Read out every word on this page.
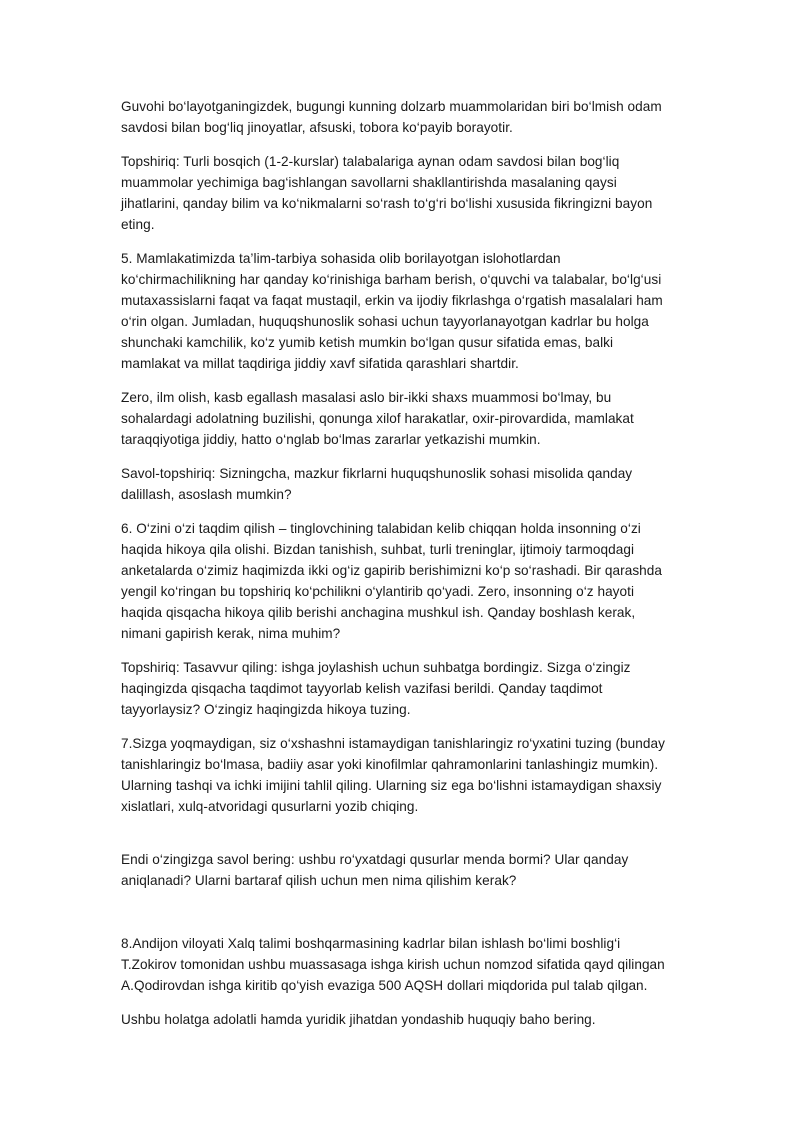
Guvohi bo‘layotganingizdek, bugungi kunning dolzarb muammolaridan biri bo‘lmish odam savdosi bilan bog‘liq jinoyatlar, afsuski, tobora ko‘payib borayotir.

Topshiriq: Turli bosqich (1-2-kurslar) talabalariga aynan odam savdosi bilan bog‘liq muammolar yechimiga bag‘ishlangan savollarni shakllantirishda masalaning qaysi jihatlarini, qanday bilim va ko‘nikmalarni so‘rash to‘g‘ri bo‘lishi xususida fikringizni bayon eting.

5. Mamlakatimizda ta’lim-tarbiya sohasida olib borilayotgan islohotlardan ko‘chirmachilikning har qanday ko‘rinishiga barham berish, o‘quvchi va talabalar, bo‘lg‘usi mutaxassislarni faqat va faqat mustaqil, erkin va ijodiy fikrlashga o‘rgatish masalalari ham o‘rin olgan. Jumladan, huquqshunoslik sohasi uchun tayyorlanayotgan kadrlar bu holga shunchaki kamchilik, ko‘z yumib ketish mumkin bo‘lgan qusur sifatida emas, balki mamlakat va millat taqdiriga jiddiy xavf sifatida qarashlari shartdir.

Zero, ilm olish, kasb egallash masalasi aslo bir-ikki shaxs muammosi bo‘lmay, bu sohalardagi adolatning buzilishi, qonunga xilof harakatlar, oxir-pirovardida, mamlakat taraqqiyotiga jiddiy, hatto o‘nglab bo‘lmas zararlar yetkazishi mumkin.

Savol-topshiriq: Sizningcha, mazkur fikrlarni huquqshunoslik sohasi misolida qanday dalillash, asoslash mumkin?

6. O‘zini o‘zi taqdim qilish – tinglovchining talabidan kelib chiqqan holda insonning o‘zi haqida hikoya qila olishi. Bizdan tanishish, suhbat, turli treninglar, ijtimoiy tarmoqdagi anketalarda o‘zimiz haqimizda ikki og‘iz gapirib berishimizni ko‘p so‘rashadi. Bir qarashda yengil ko‘ringan bu topshiriq ko‘pchilikni o‘ylantirib qo‘yadi. Zero, insonning o‘z hayoti haqida qisqacha hikoya qilib berishi anchagina mushkul ish. Qanday boshlash kerak, nimani gapirish kerak, nima muhim?

Topshiriq: Tasavvur qiling: ishga joylashish uchun suhbatga bordingiz. Sizga o‘zingiz haqingizda qisqacha taqdimot tayyorlab kelish vazifasi berildi. Qanday taqdimot tayyorlaysiz? O‘zingiz haqingizda hikoya tuzing.

7.Sizga yoqmaydigan, siz o‘xshashni istamaydigan tanishlaringiz ro‘yxatini tuzing (bunday tanishlaringiz bo‘lmasa, badiiy asar yoki kinofilmlar qahramonlarini tanlashingiz mumkin). Ularning tashqi va ichki imijini tahlil qiling. Ularning siz ega bo‘lishni istamaydigan shaxsiy xislatlari, xulq-atvoridagi qusurlarni yozib chiqing.

Endi o‘zingizga savol bering: ushbu ro‘yxatdagi qusurlar menda bormi? Ular qanday aniqlanadi? Ularni bartaraf qilish uchun men nima qilishim kerak?

8.Andijon viloyati Xalq talimi boshqarmasining kadrlar bilan ishlash bo‘limi boshlig‘i T.Zokirov tomonidan ushbu muassasaga ishga kirish uchun nomzod sifatida qayd qilingan A.Qodirovdan ishga kiritib qo‘yish evaziga 500 AQSH dollari miqdorida pul talab qilgan.

Ushbu holatga adolatli hamda yuridik jihatdan yondashib huquqiy baho bering.
